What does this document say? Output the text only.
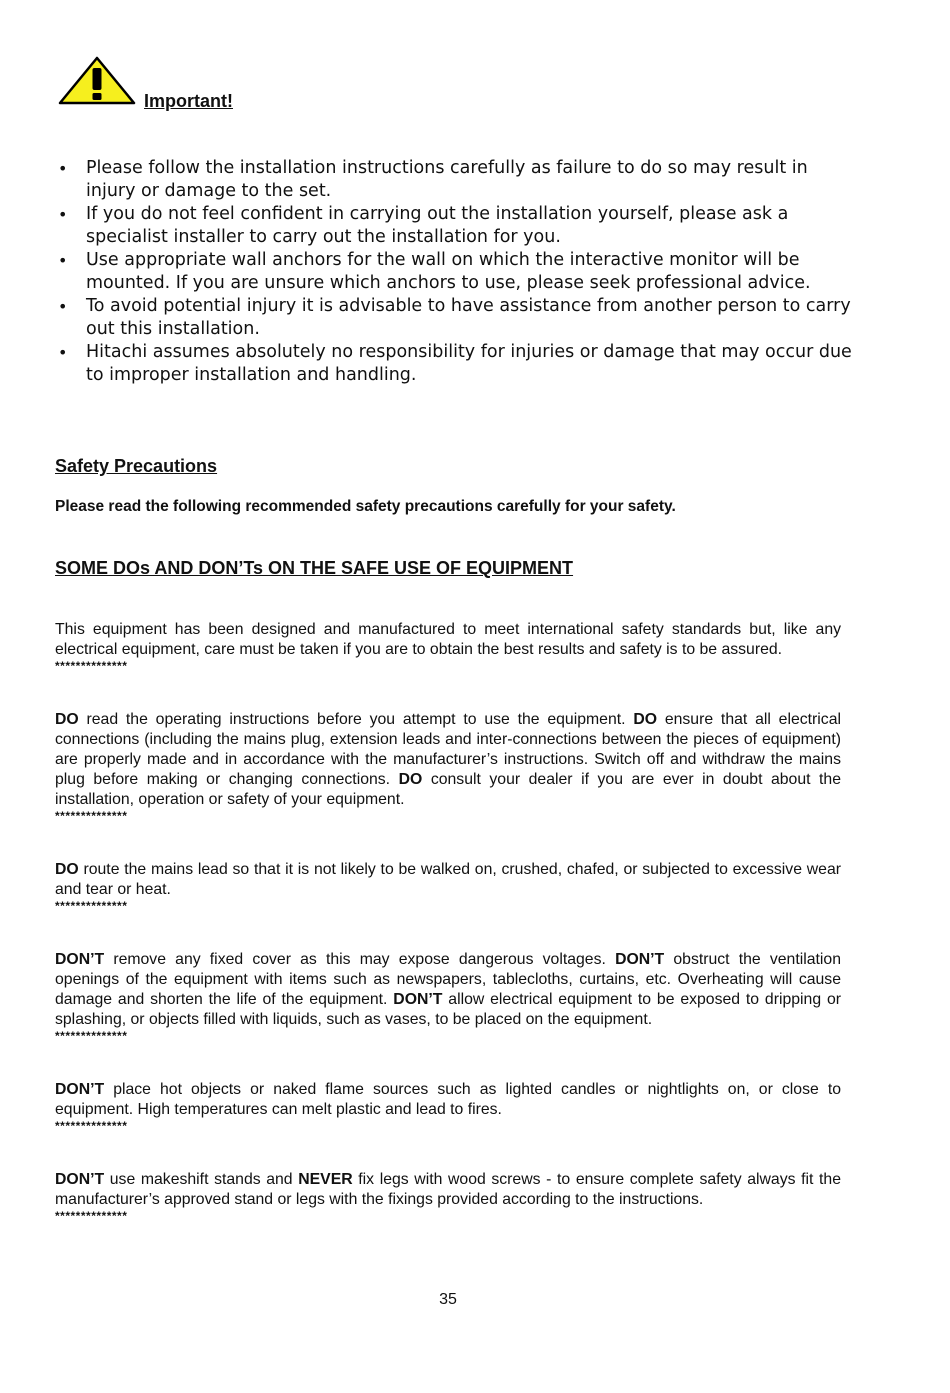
Important!
• Please follow the installation instructions carefully as failure to do so may result in injury or damage to the set.
• If you do not feel confident in carrying out the installation yourself, please ask a specialist installer to carry out the installation for you.
• Use appropriate wall anchors for the wall on which the interactive monitor will be mounted. If you are unsure which anchors to use, please seek professional advice.
• To avoid potential injury it is advisable to have assistance from another person to carry out this installation.
• Hitachi assumes absolutely no responsibility for injuries or damage that may occur due to improper installation and handling.
Safety Precautions

Please read the following recommended safety precautions carefully for your safety.

SOME DOs AND DON’Ts ON THE SAFE USE OF EQUIPMENT

This equipment has been designed and manufactured to meet international safety standards but, like any electrical equipment, care must be taken if you are to obtain the best results and safety is to be assured.

**************

DO read the operating instructions before you attempt to use the equipment. DO ensure that all electrical connections (including the mains plug, extension leads and inter-connections between the pieces of equipment) are properly made and in accordance with the manufacturer’s instructions. Switch off and withdraw the mains plug before making or changing connections. DO consult your dealer if you are ever in doubt about the installation, operation or safety of your equipment.

**************

DO route the mains lead so that it is not likely to be walked on, crushed, chafed, or subjected to excessive wear and tear or heat.

**************

DON’T remove any fixed cover as this may expose dangerous voltages. DON’T obstruct the ventilation openings of the equipment with items such as newspapers, tablecloths, curtains, etc. Overheating will cause damage and shorten the life of the equipment. DON’T allow electrical equipment to be exposed to dripping or splashing, or objects filled with liquids, such as vases, to be placed on the equipment.

**************

DON’T place hot objects or naked flame sources such as lighted candles or nightlights on, or close to equipment. High temperatures can melt plastic and lead to fires.

**************

DON’T use makeshift stands and NEVER fix legs with wood screws - to ensure complete safety always fit the manufacturer’s approved stand or legs with the fixings provided according to the instructions.

**************

35
